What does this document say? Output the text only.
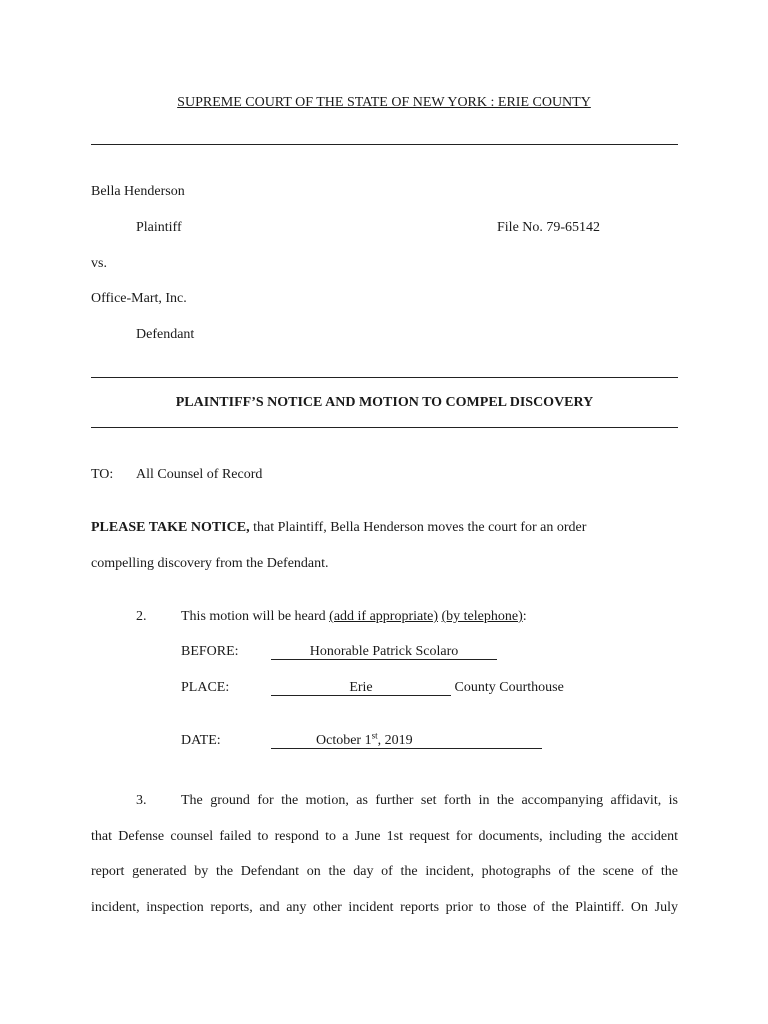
SUPREME COURT OF THE STATE OF NEW YORK : ERIE COUNTY
Bella Henderson
Plaintiff	File No. 79-65142
vs.
Office-Mart, Inc.
Defendant
PLAINTIFF’S NOTICE AND MOTION TO COMPEL DISCOVERY
TO: All Counsel of Record
PLEASE TAKE NOTICE, that Plaintiff, Bella Henderson moves the court for an order
compelling discovery from the Defendant.
2. This motion will be heard (add if appropriate) (by telephone):
BEFORE:	Honorable Patrick Scolaro
PLACE:	Erie	County Courthouse
DATE:	October 1st, 2019
3.	The ground for the motion, as further set forth in the accompanying affidavit, is
that Defense counsel failed to respond to a June 1st request for documents, including the accident
report generated by the Defendant on the day of the incident, photographs of the scene of the
incident, inspection reports, and any other incident reports prior to those of the Plaintiff. On July
